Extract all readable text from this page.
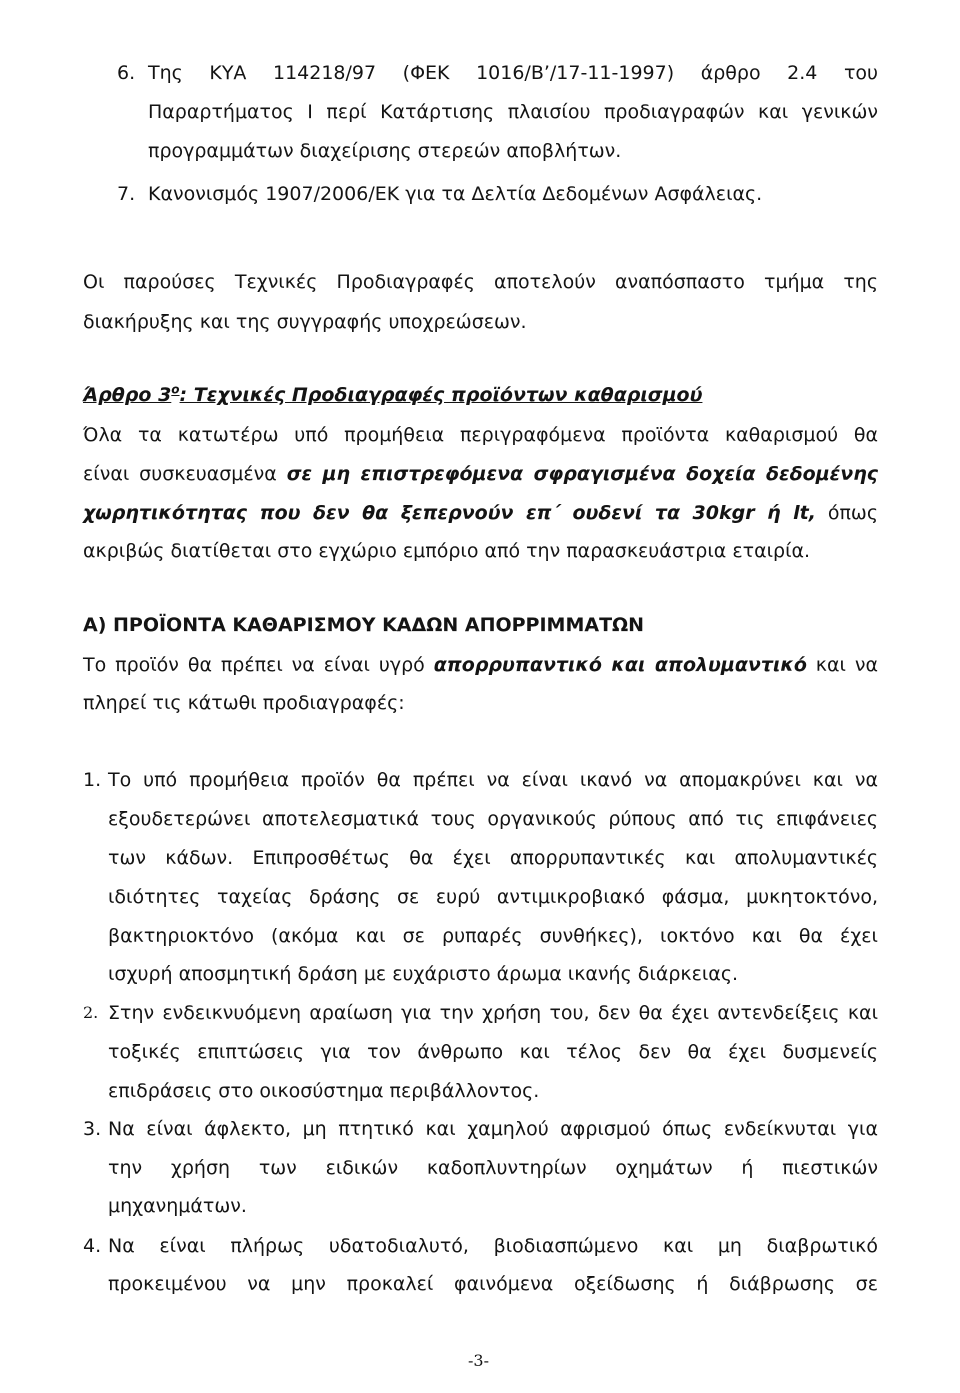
6. Της ΚΥΑ 114218/97 (ΦΕΚ 1016/Β’/17-11-1997) άρθρο 2.4 του
Παραρτήματος Ι περί Κατάρτισης πλαισίου προδιαγραφών και γενικών
προγραμμάτων διαχείρισης στερεών αποβλήτων.
7. Κανονισμός 1907/2006/ΕΚ για τα Δελτία Δεδομένων Ασφάλειας.
Οι παρούσες Τεχνικές Προδιαγραφές αποτελούν αναπόσπαστο τμήμα της
διακήρυξης και της συγγραφής υποχρεώσεων.
Άρθρο $3^o$: Τεχνικές Προδιαγραφές προϊόντων καθαρισμού
Όλα τα κατωτέρω υπό προμήθεια περιγραφόμενα προϊόντα καθαρισμού θα
είναι συσκευασμένα σε μη επιστρεφόμενα σφραγισμένα δοχεία δεδομένης
χωρητικότητας που δεν θα ξεπερνούν επ΄ ουδενί τα 30kgr ή lt, όπως
ακριβώς διατίθεται στο εγχώριο εμπόριο από την παρασκευάστρια εταιρία.
Α) ΠΡΟΪΟΝΤΑ ΚΑΘΑΡΙΣΜΟΥ ΚΑΔΩΝ ΑΠΟΡΡΙΜΜΑΤΩΝ
Το προϊόν θα πρέπει να είναι υγρό απορρυπαντικό και απολυμαντικό και να
πληρεί τις κάτωθι προδιαγραφές:
1. Το υπό προμήθεια προϊόν θα πρέπει να είναι ικανό να απομακρύνει και να
εξουδετερώνει αποτελεσματικά τους οργανικούς ρύπους από τις επιφάνειες
των κάδων. Επιπροσθέτως θα έχει απορρυπαντικές και απολυμαντικές
ιδιότητες ταχείας δράσης σε ευρύ αντιμικροβιακό φάσμα, μυκητοκτόνο,
βακτηριοκτόνο (ακόμα και σε ρυπαρές συνθήκες), ιοκτόνο και θα έχει
ισχυρή αποσμητική δράση με ευχάριστο άρωμα ικανής διάρκειας.
2. Στην ενδεικνυόμενη αραίωση για την χρήση του, δεν θα έχει αντενδείξεις και
τοξικές επιπτώσεις για τον άνθρωπο και τέλος δεν θα έχει δυσμενείς
επιδράσεις στο οικοσύστημα περιβάλλοντος.
3. Να είναι άφλεκτο, μη πτητικό και χαμηλού αφρισμού όπως ενδείκνυται για
την χρήση των ειδικών καδοπλυντηρίων οχημάτων ή πιεστικών
μηχανημάτων.
4. Να είναι πλήρως υδατοδιαλυτό, βιοδιασπώμενο και μη διαβρωτικό
προκειμένου να μην προκαλεί φαινόμενα οξείδωσης ή διάβρωσης σε
-3-
